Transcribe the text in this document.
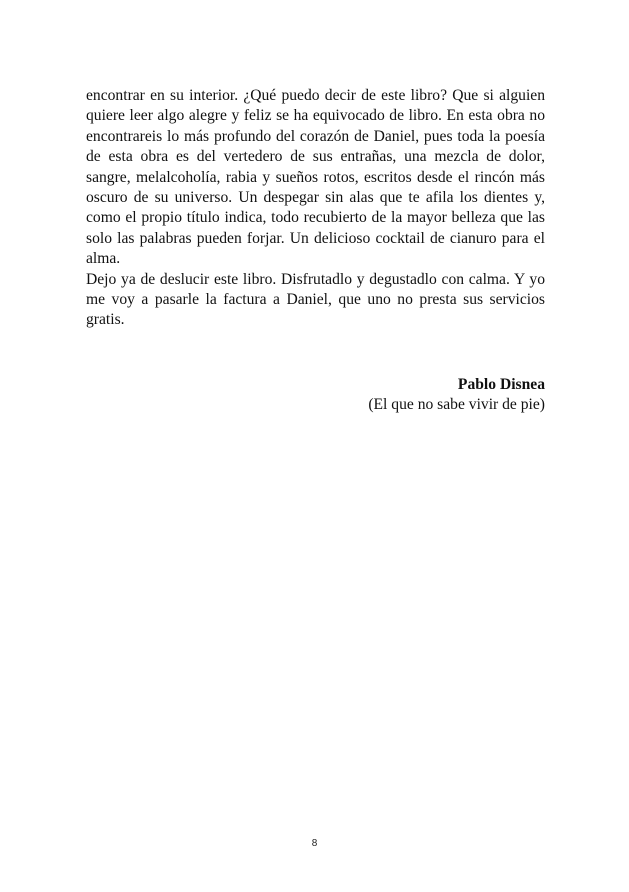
encontrar en su interior. ¿Qué puedo decir de este libro? Que si alguien quiere leer algo alegre y feliz se ha equivocado de libro. En esta obra no encontrareis lo más profundo del corazón de Daniel, pues toda la poesía de esta obra es del vertedero de sus entrañas, una mezcla de dolor, sangre, melalcoholía, rabia y sueños rotos, escritos desde el rincón más oscuro de su universo. Un despegar sin alas que te afila los dientes y, como el propio título indica, todo recubierto de la mayor belleza que las solo las palabras pueden forjar. Un delicioso cocktail de cianuro para el alma.

Dejo ya de deslucir este libro. Disfrutadlo y degustadlo con calma. Y yo me voy a pasarle la factura a Daniel, que uno no presta sus servicios gratis.

Pablo Disnea
(El que no sabe vivir de pie)
8
